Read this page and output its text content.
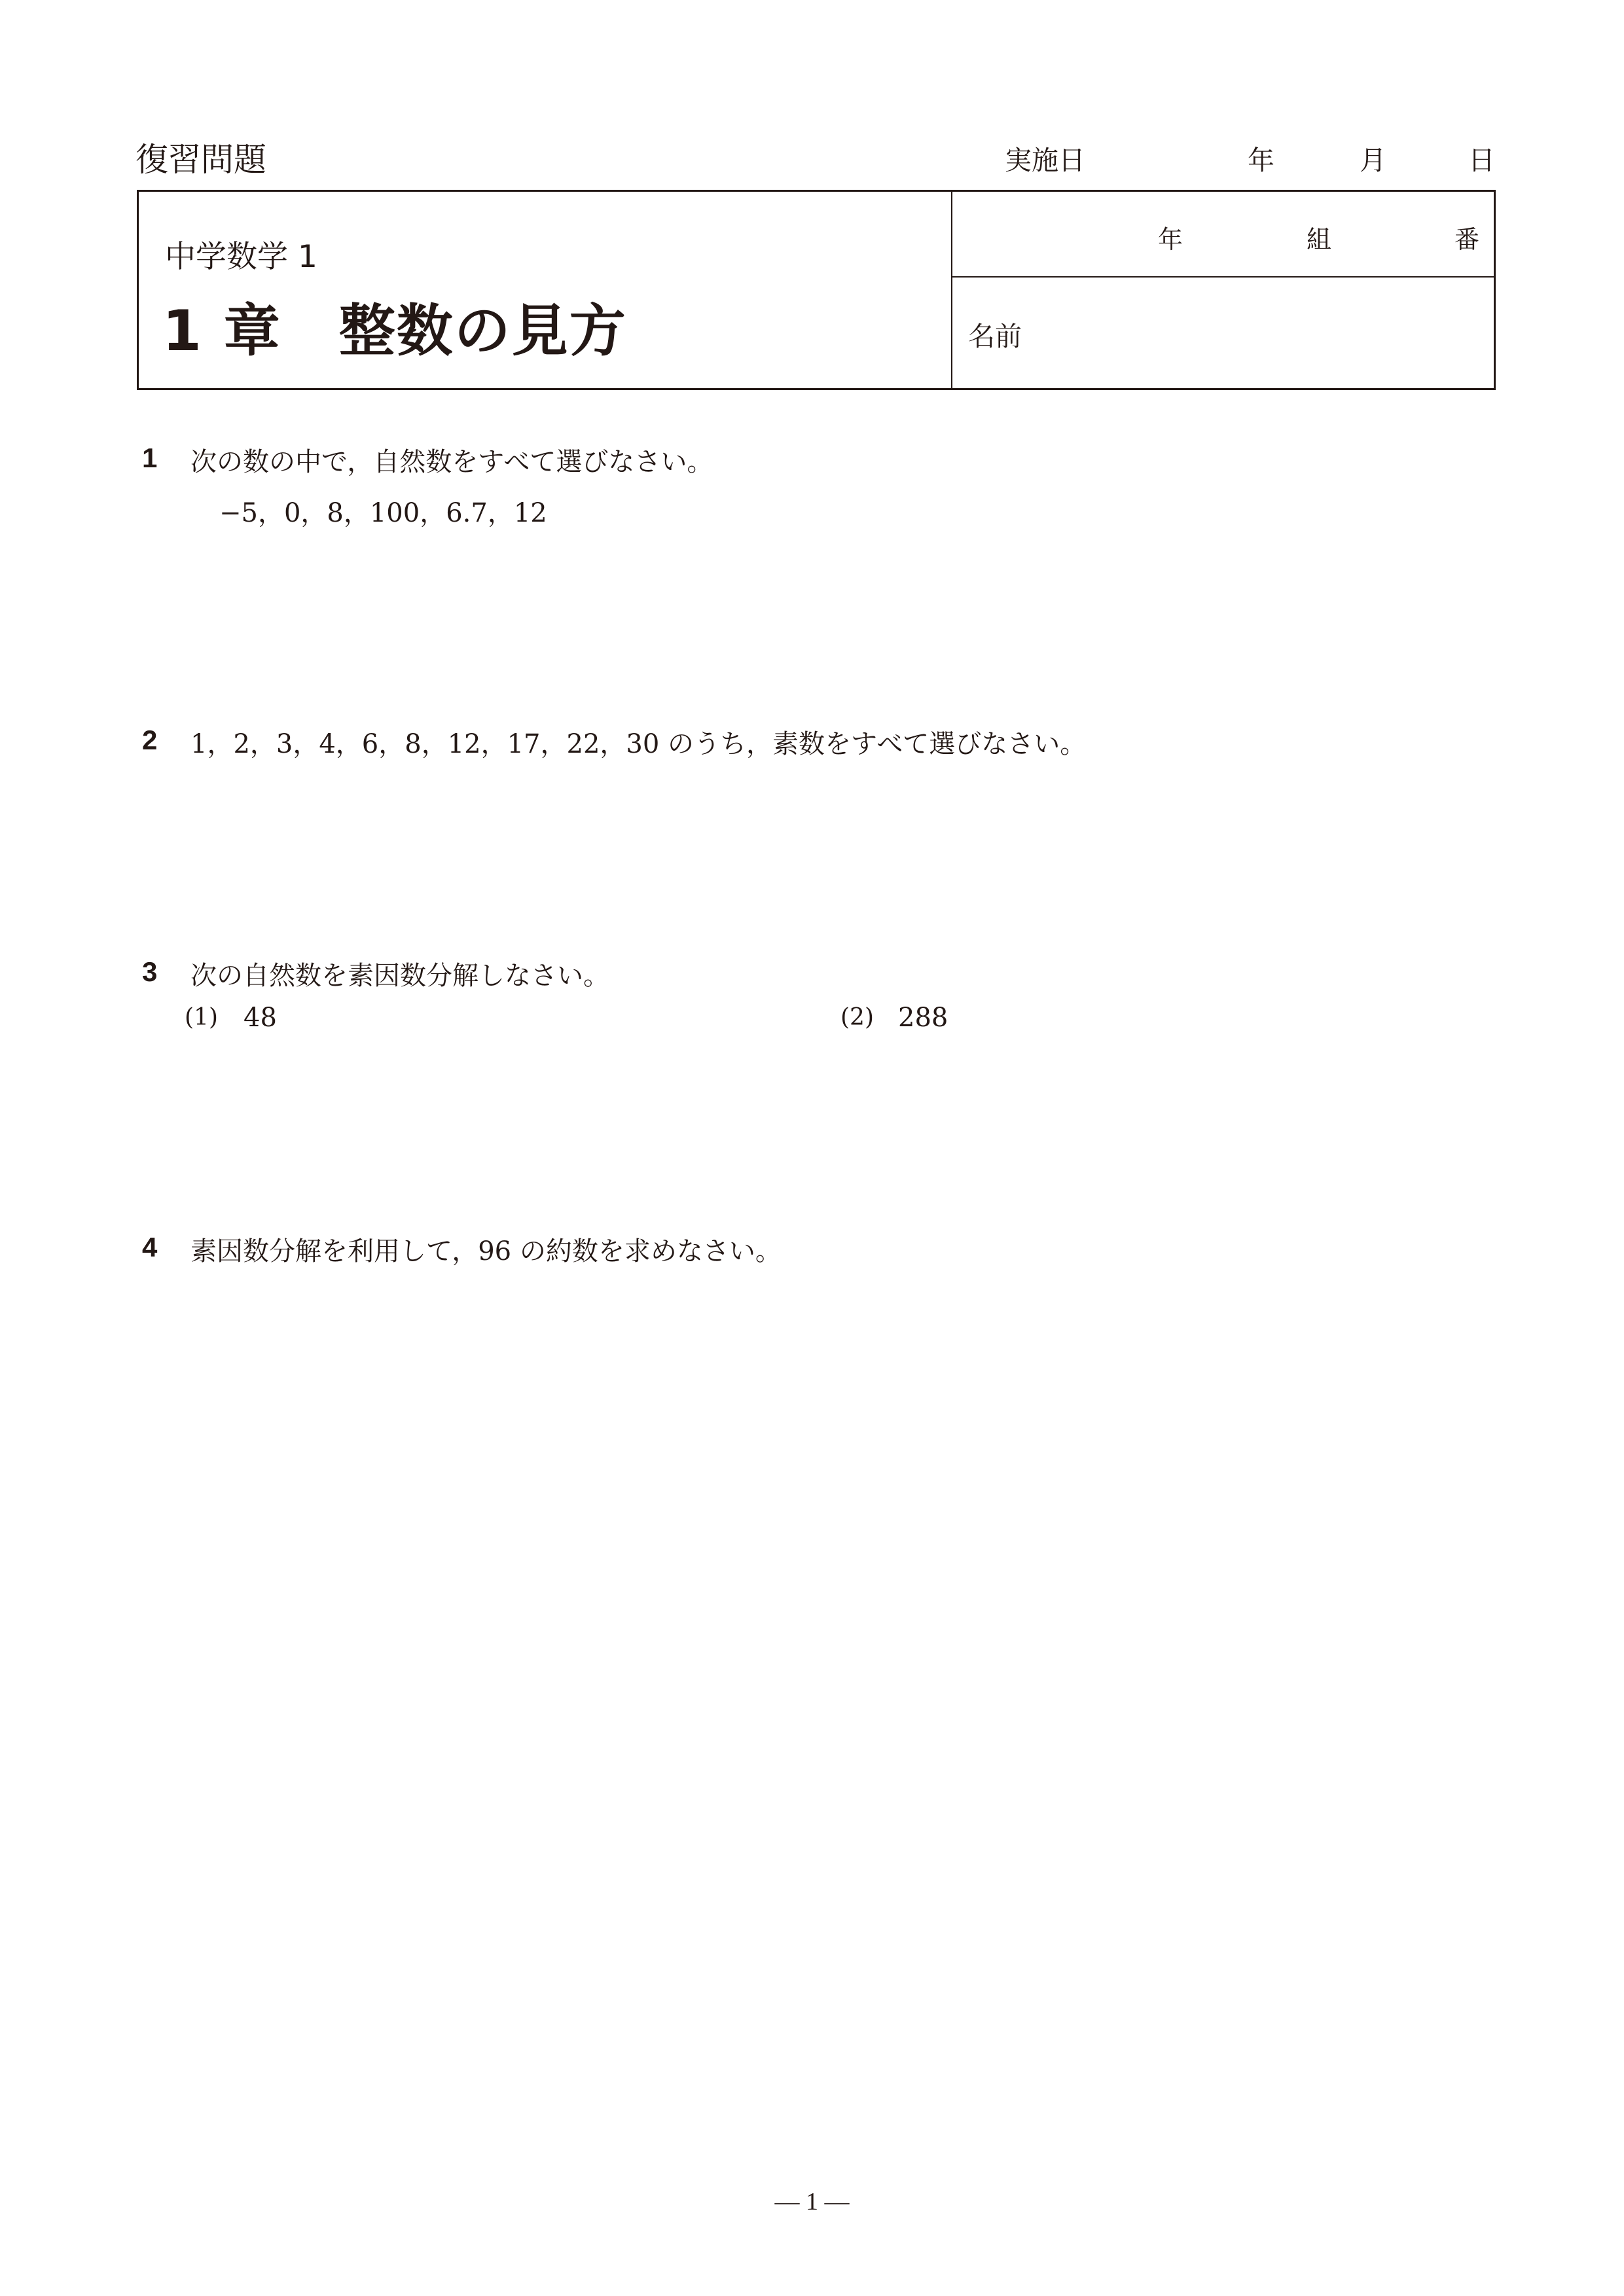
復習問題	実施日	年	月	日
中学数学 1
1 章　整数の見方
年	組	番
名前
1 次の数の中で，自然数をすべて選びなさい。
−5，0，8，100，6.7，12
2 1，2，3，4，6，8，12，17，22，30 のうち，素数をすべて選びなさい。
3 次の自然数を素因数分解しなさい。
(1) 48	(2) 288
4 素因数分解を利用して，96 の約数を求めなさい。
― 1 ―
